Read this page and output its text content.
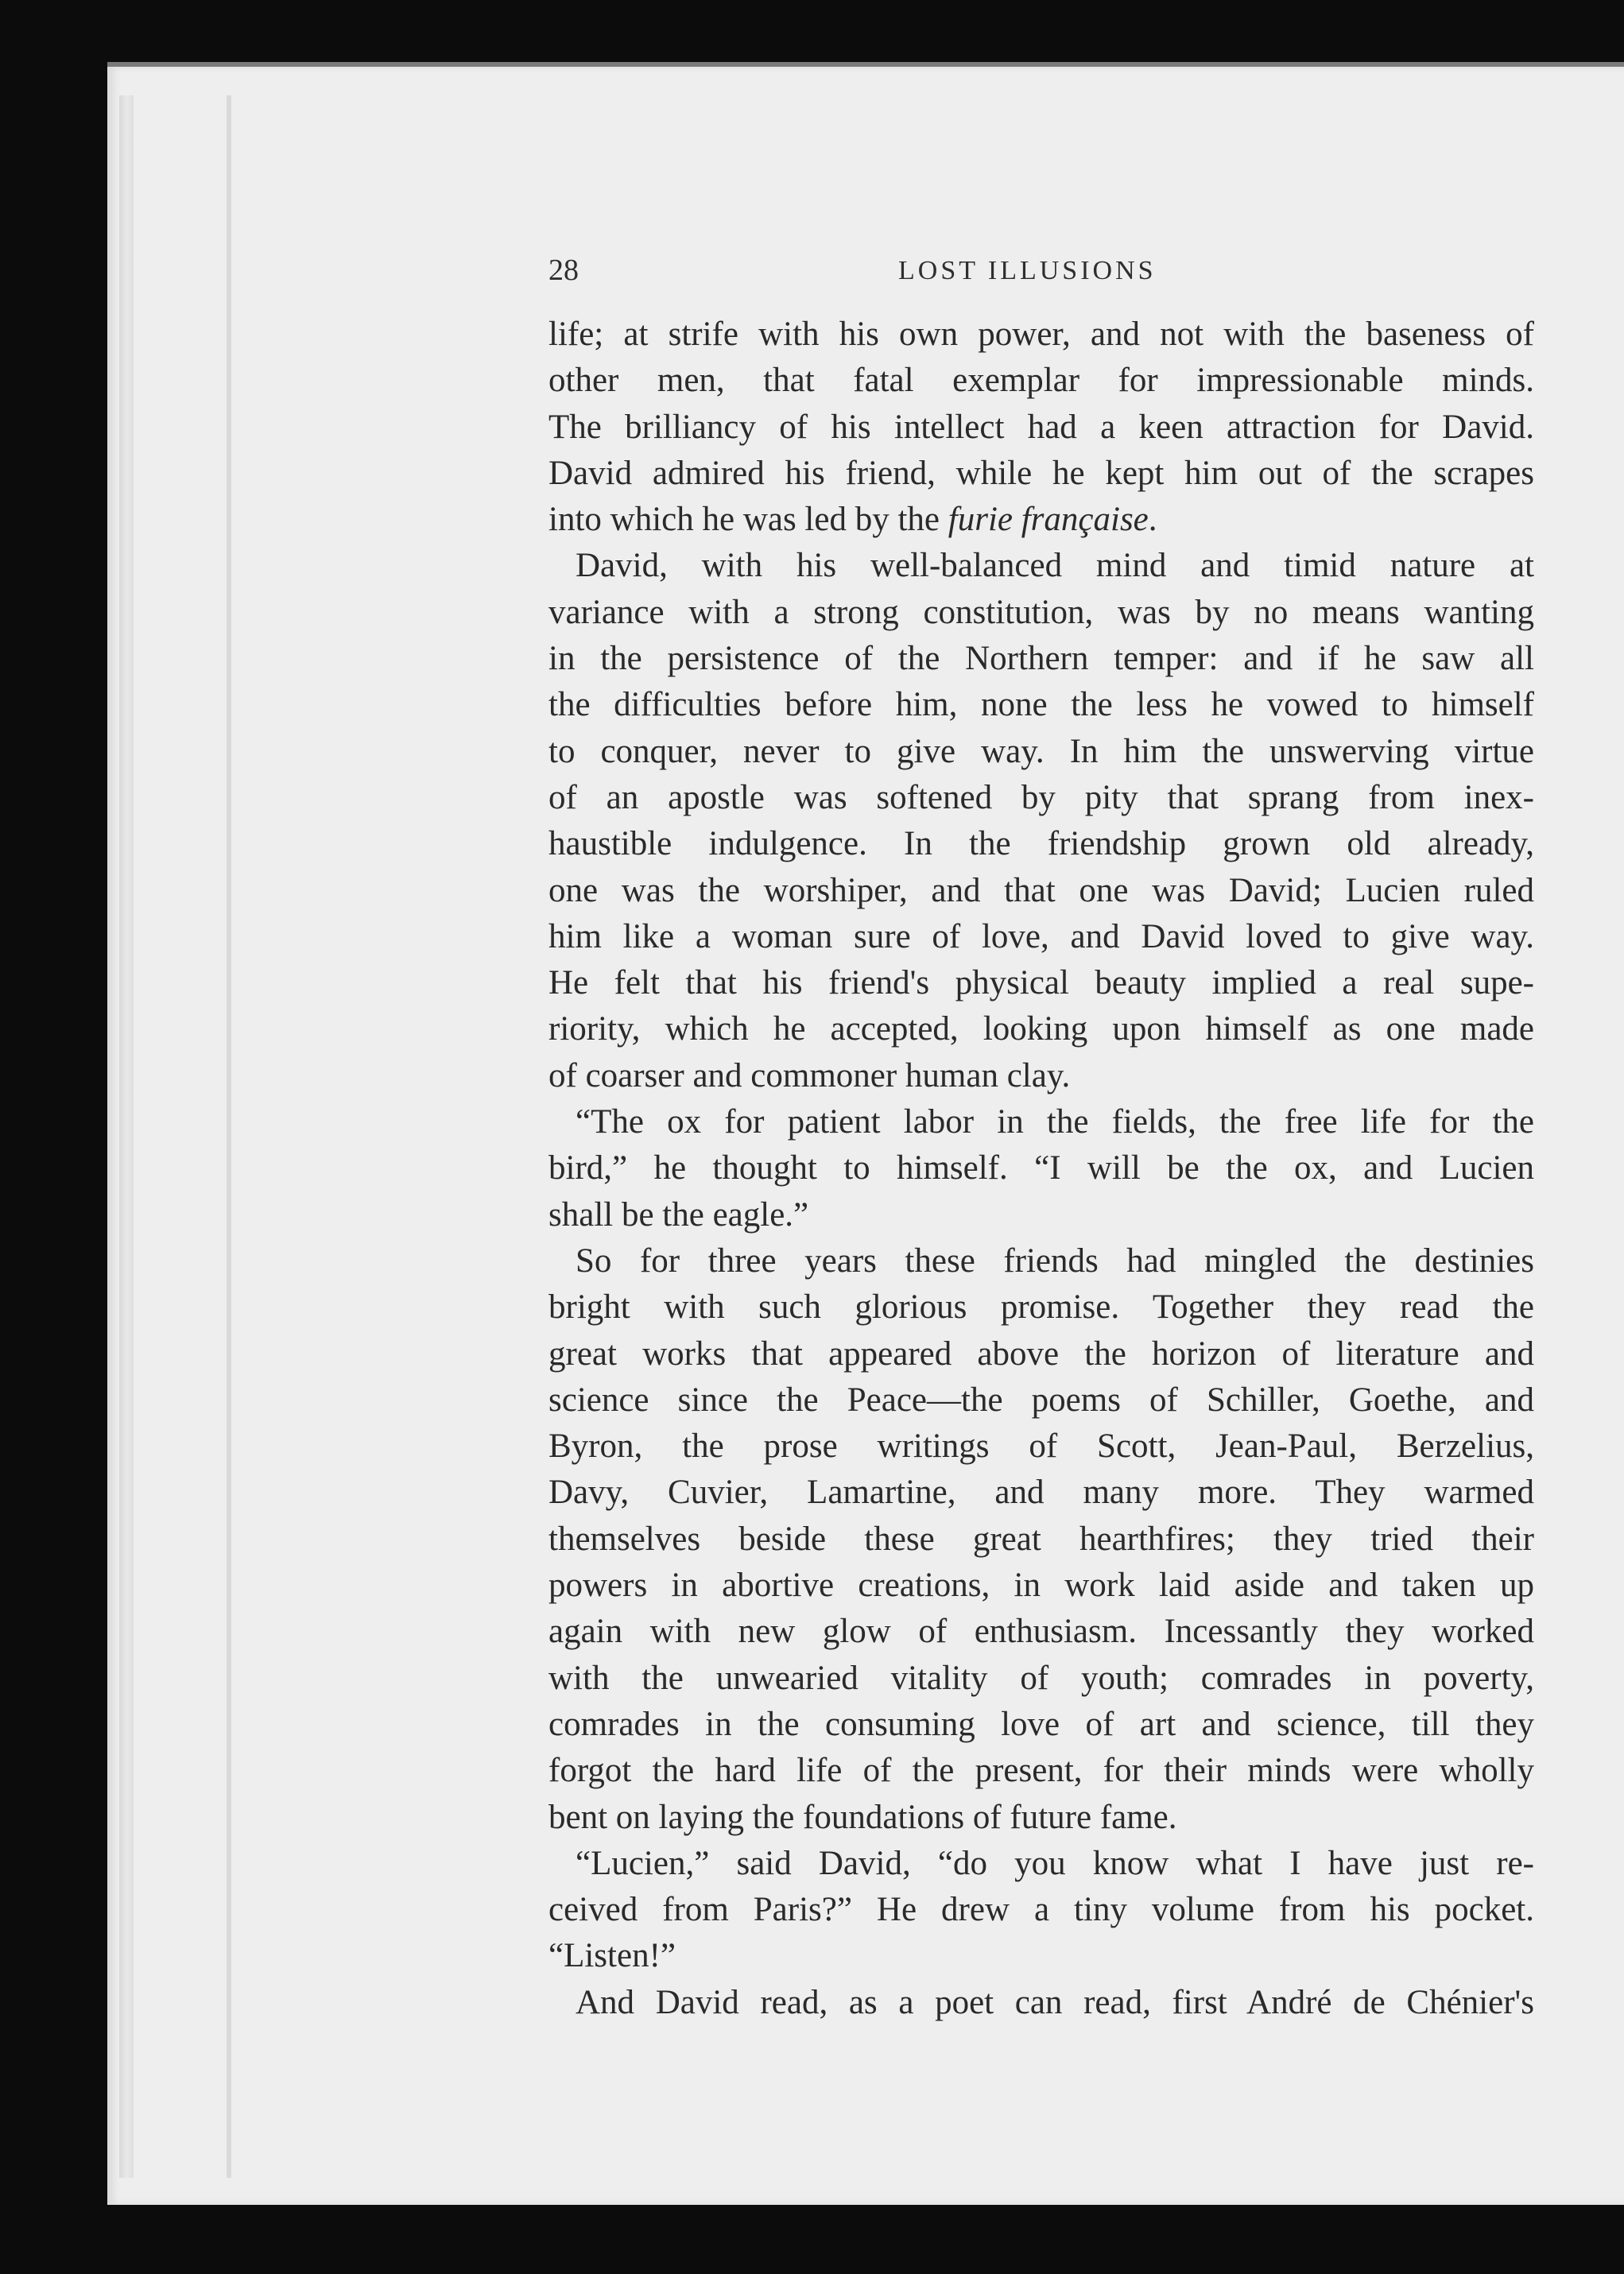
28	LOST ILLUSIONS
life; at strife with his own power, and not with the baseness of
other men, that fatal exemplar for impressionable minds.
The brilliancy of his intellect had a keen attraction for David.
David admired his friend, while he kept him out of the scrapes
into which he was led by the furie française.
David, with his well-balanced mind and timid nature at
variance with a strong constitution, was by no means wanting
in the persistence of the Northern temper: and if he saw all
the difficulties before him, none the less he vowed to himself
to conquer, never to give way. In him the unswerving virtue
of an apostle was softened by pity that sprang from inex-
haustible indulgence. In the friendship grown old already,
one was the worshiper, and that one was David; Lucien ruled
him like a woman sure of love, and David loved to give way.
He felt that his friend's physical beauty implied a real supe-
riority, which he accepted, looking upon himself as one made
of coarser and commoner human clay.
“The ox for patient labor in the fields, the free life for the
bird,” he thought to himself. “I will be the ox, and Lucien
shall be the eagle.”
So for three years these friends had mingled the destinies
bright with such glorious promise. Together they read the
great works that appeared above the horizon of literature and
science since the Peace—the poems of Schiller, Goethe, and
Byron, the prose writings of Scott, Jean-Paul, Berzelius,
Davy, Cuvier, Lamartine, and many more. They warmed
themselves beside these great hearthfires; they tried their
powers in abortive creations, in work laid aside and taken up
again with new glow of enthusiasm. Incessantly they worked
with the unwearied vitality of youth; comrades in poverty,
comrades in the consuming love of art and science, till they
forgot the hard life of the present, for their minds were wholly
bent on laying the foundations of future fame.
“Lucien,” said David, “do you know what I have just re-
ceived from Paris?” He drew a tiny volume from his pocket.
“Listen!”
And David read, as a poet can read, first André de Chénier's
